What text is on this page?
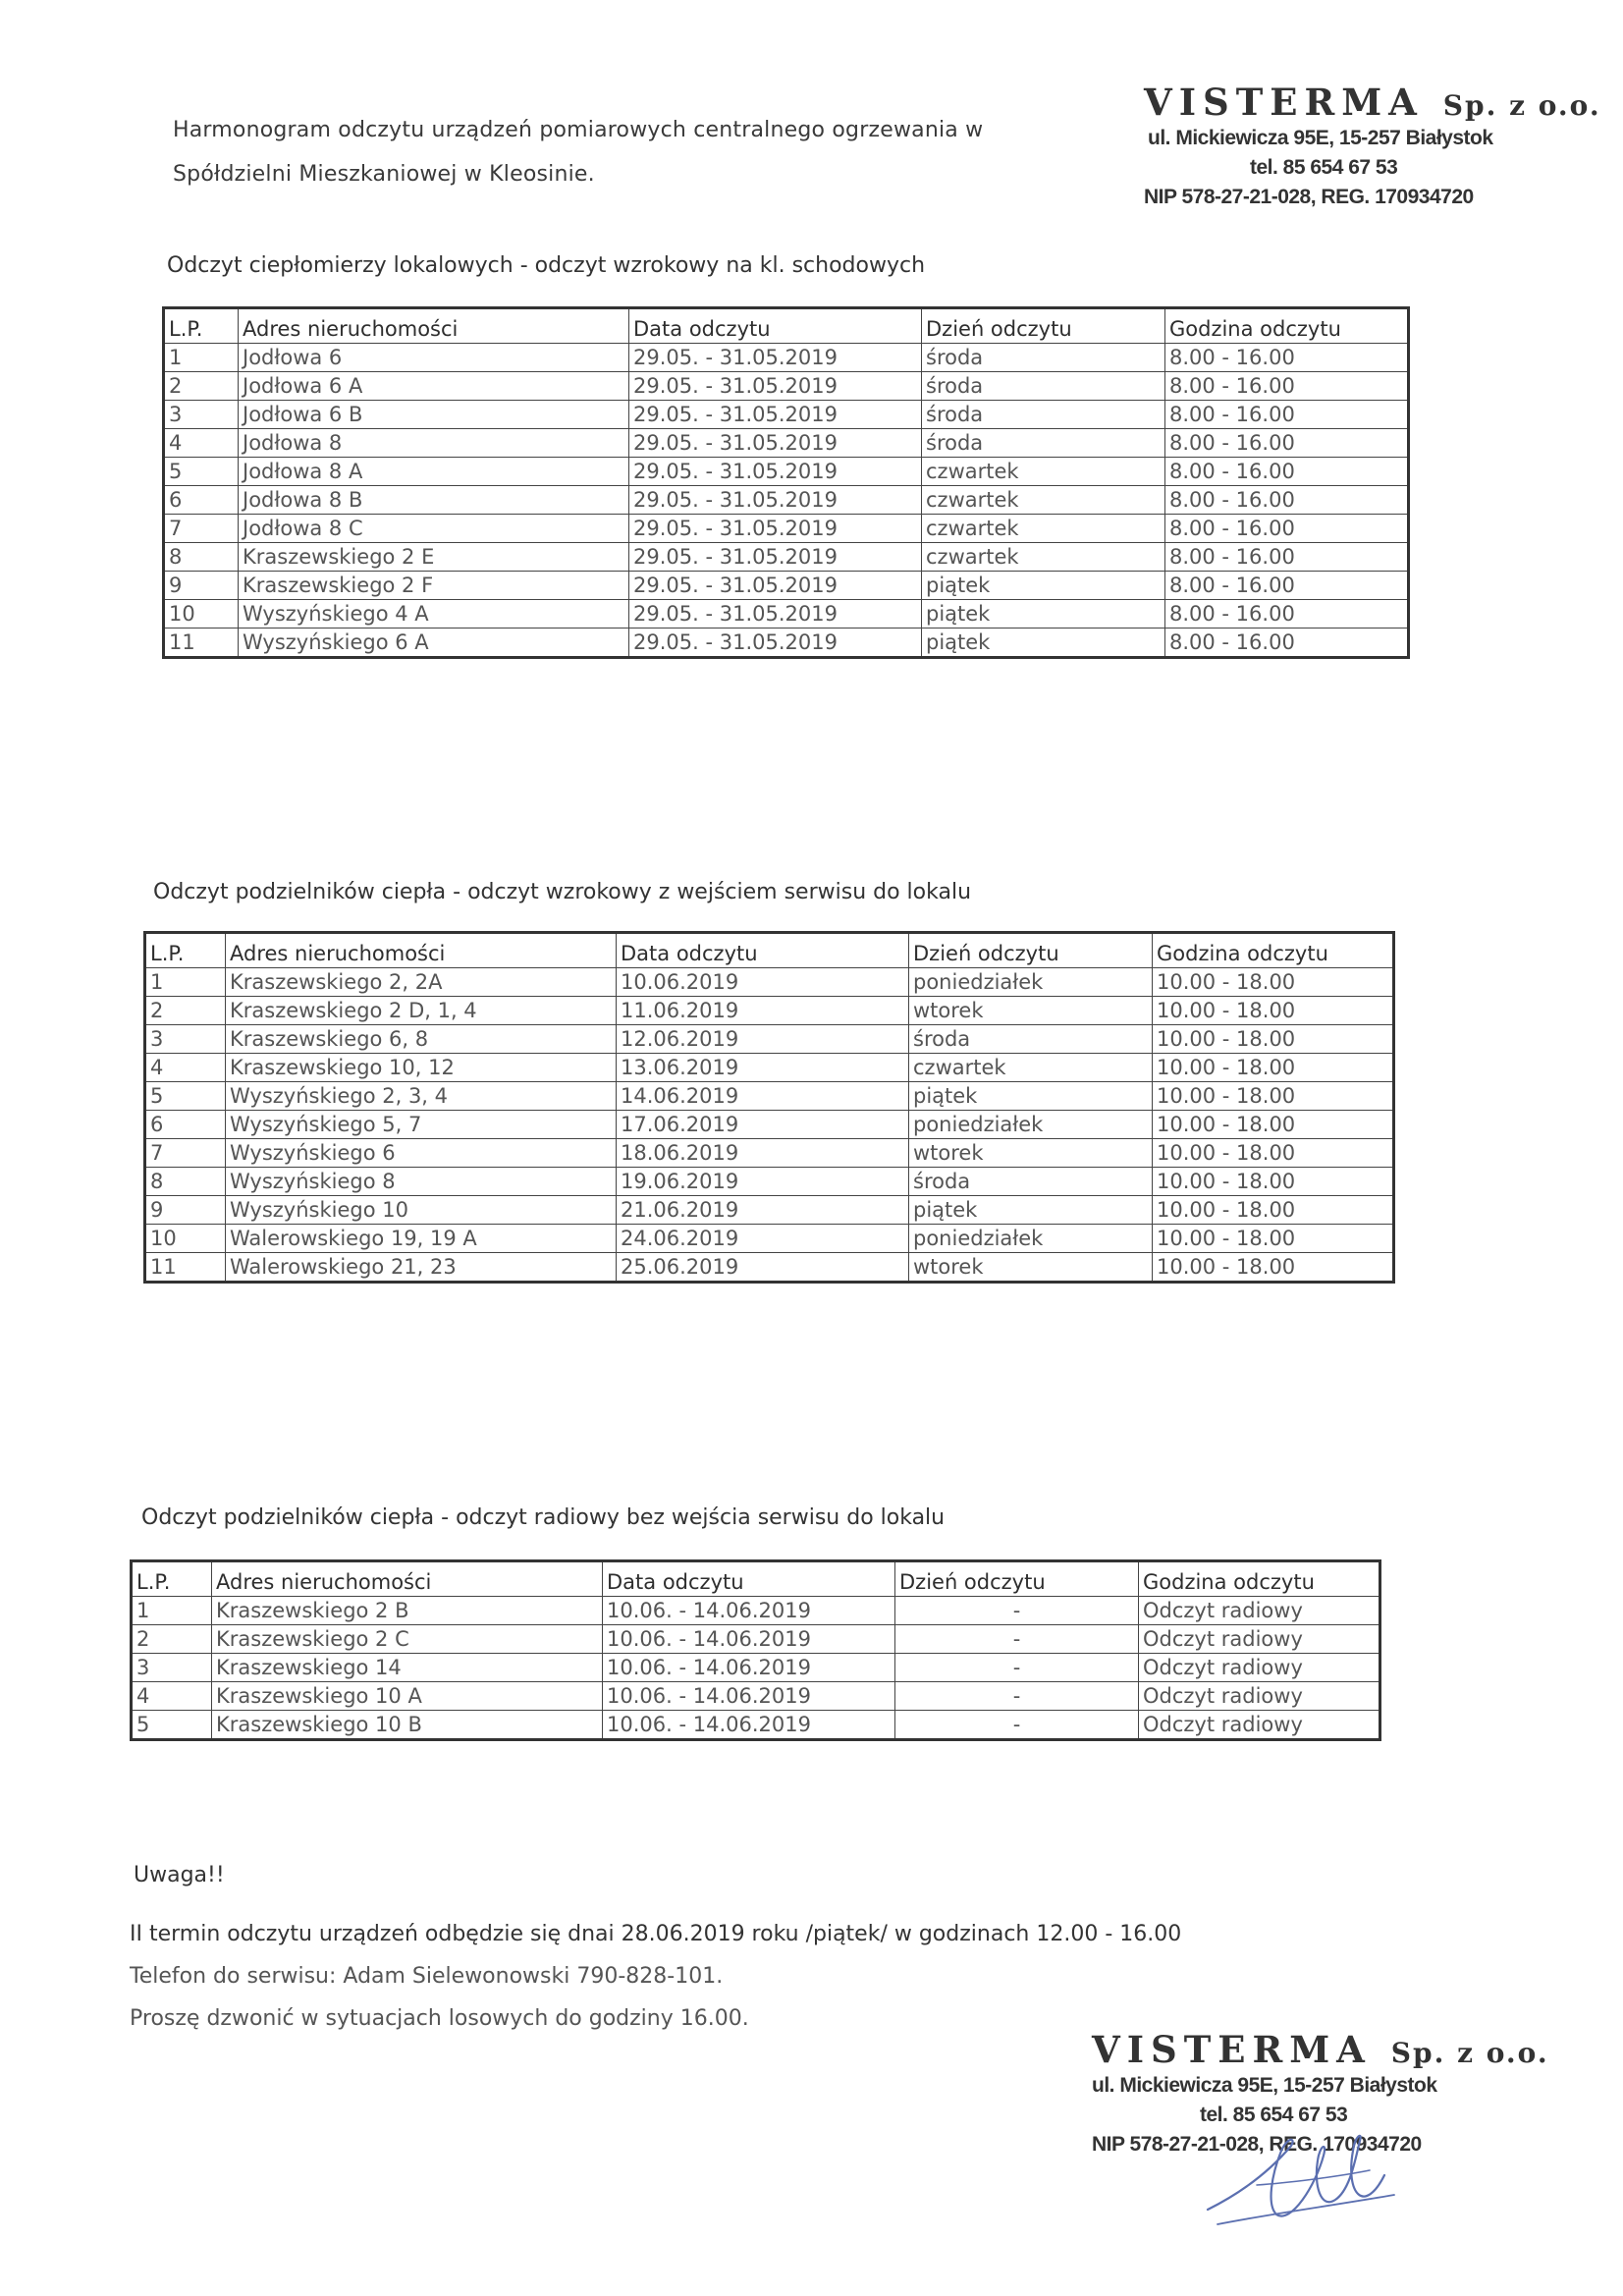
Harmonogram odczytu urządzeń pomiarowych centralnego ogrzewania w
Spółdzielni Mieszkaniowej w Kleosinie.
VISTERMA Sp. z o.o.
ul. Mickiewicza 95E, 15-257 Białystok
tel. 85 654 67 53
NIP 578-27-21-028, REG. 170934720
Odczyt ciepłomierzy lokalowych - odczyt wzrokowy na kl. schodowych
L.P.	Adres nieruchomości	Data odczytu	Dzień odczytu	Godzina odczytu
1	Jodłowa 6	29.05. - 31.05.2019	środa	8.00 - 16.00
2	Jodłowa 6 A	29.05. - 31.05.2019	środa	8.00 - 16.00
3	Jodłowa 6 B	29.05. - 31.05.2019	środa	8.00 - 16.00
4	Jodłowa 8	29.05. - 31.05.2019	środa	8.00 - 16.00
5	Jodłowa 8 A	29.05. - 31.05.2019	czwartek	8.00 - 16.00
6	Jodłowa 8 B	29.05. - 31.05.2019	czwartek	8.00 - 16.00
7	Jodłowa 8 C	29.05. - 31.05.2019	czwartek	8.00 - 16.00
8	Kraszewskiego 2 E	29.05. - 31.05.2019	czwartek	8.00 - 16.00
9	Kraszewskiego 2 F	29.05. - 31.05.2019	piątek	8.00 - 16.00
10	Wyszyńskiego 4 A	29.05. - 31.05.2019	piątek	8.00 - 16.00
11	Wyszyńskiego 6 A	29.05. - 31.05.2019	piątek	8.00 - 16.00
Odczyt podzielników ciepła - odczyt wzrokowy z wejściem serwisu do lokalu
L.P.	Adres nieruchomości	Data odczytu	Dzień odczytu	Godzina odczytu
1	Kraszewskiego 2, 2A	10.06.2019	poniedziałek	10.00 - 18.00
2	Kraszewskiego 2 D, 1, 4	11.06.2019	wtorek	10.00 - 18.00
3	Kraszewskiego 6, 8	12.06.2019	środa	10.00 - 18.00
4	Kraszewskiego 10, 12	13.06.2019	czwartek	10.00 - 18.00
5	Wyszyńskiego 2, 3, 4	14.06.2019	piątek	10.00 - 18.00
6	Wyszyńskiego 5, 7	17.06.2019	poniedziałek	10.00 - 18.00
7	Wyszyńskiego 6	18.06.2019	wtorek	10.00 - 18.00
8	Wyszyńskiego 8	19.06.2019	środa	10.00 - 18.00
9	Wyszyńskiego 10	21.06.2019	piątek	10.00 - 18.00
10	Walerowskiego 19, 19 A	24.06.2019	poniedziałek	10.00 - 18.00
11	Walerowskiego 21, 23	25.06.2019	wtorek	10.00 - 18.00
Odczyt podzielników ciepła - odczyt radiowy bez wejścia serwisu do lokalu
L.P.	Adres nieruchomości	Data odczytu	Dzień odczytu	Godzina odczytu
1	Kraszewskiego 2 B	10.06. - 14.06.2019	-	Odczyt radiowy
2	Kraszewskiego 2 C	10.06. - 14.06.2019	-	Odczyt radiowy
3	Kraszewskiego 14	10.06. - 14.06.2019	-	Odczyt radiowy
4	Kraszewskiego 10 A	10.06. - 14.06.2019	-	Odczyt radiowy
5	Kraszewskiego 10 B	10.06. - 14.06.2019	-	Odczyt radiowy
Uwaga!!
II termin odczytu urządzeń odbędzie się dnai 28.06.2019 roku /piątek/ w godzinach 12.00 - 16.00
Telefon do serwisu: Adam Sielewonowski 790-828-101.
Proszę dzwonić w sytuacjach losowych do godziny 16.00.
VISTERMA Sp. z o.o.
ul. Mickiewicza 95E, 15-257 Białystok
tel. 85 654 67 53
NIP 578-27-21-028, REG. 170934720
